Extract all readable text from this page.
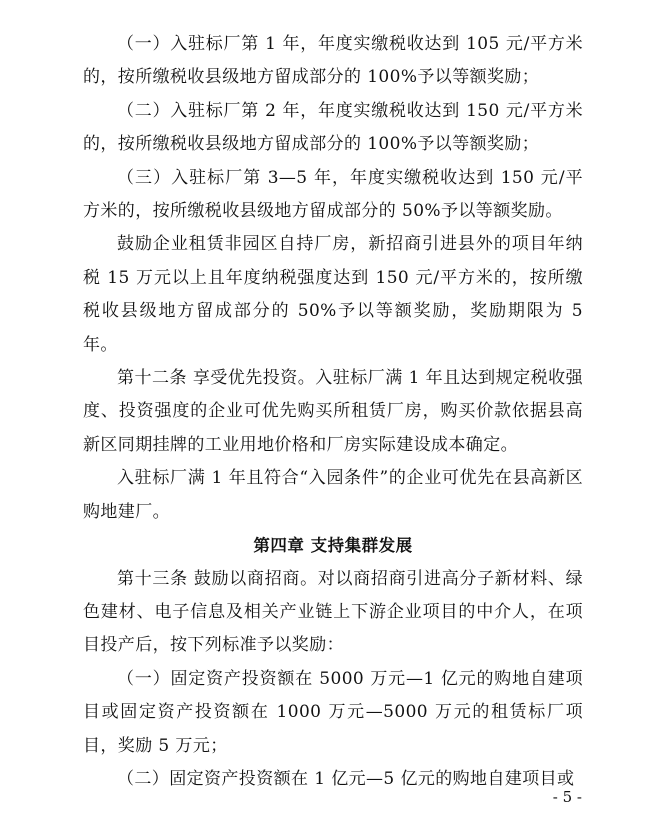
（一）入驻标厂第 1 年，年度实缴税收达到 105 元/平方米的，按所缴税收县级地方留成部分的 100%予以等额奖励；

（二）入驻标厂第 2 年，年度实缴税收达到 150 元/平方米的，按所缴税收县级地方留成部分的 100%予以等额奖励；

（三）入驻标厂第 3—5 年，年度实缴税收达到 150 元/平方米的，按所缴税收县级地方留成部分的 50%予以等额奖励。

鼓励企业租赁非园区自持厂房，新招商引进县外的项目年纳税 15 万元以上且年度纳税强度达到 150 元/平方米的，按所缴税收县级地方留成部分的 50%予以等额奖励，奖励期限为 5 年。

第十二条 享受优先投资。入驻标厂满 1 年且达到规定税收强度、投资强度的企业可优先购买所租赁厂房，购买价款依据县高新区同期挂牌的工业用地价格和厂房实际建设成本确定。

入驻标厂满 1 年且符合“入园条件”的企业可优先在县高新区购地建厂。

第四章 支持集群发展

第十三条 鼓励以商招商。对以商招商引进高分子新材料、绿色建材、电子信息及相关产业链上下游企业项目的中介人，在项目投产后，按下列标准予以奖励：

（一）固定资产投资额在 5000 万元—1 亿元的购地自建项目或固定资产投资额在 1000 万元—5000 万元的租赁标厂项目，奖励 5 万元；

（二）固定资产投资额在 1 亿元—5 亿元的购地自建项目或

- 5 -
